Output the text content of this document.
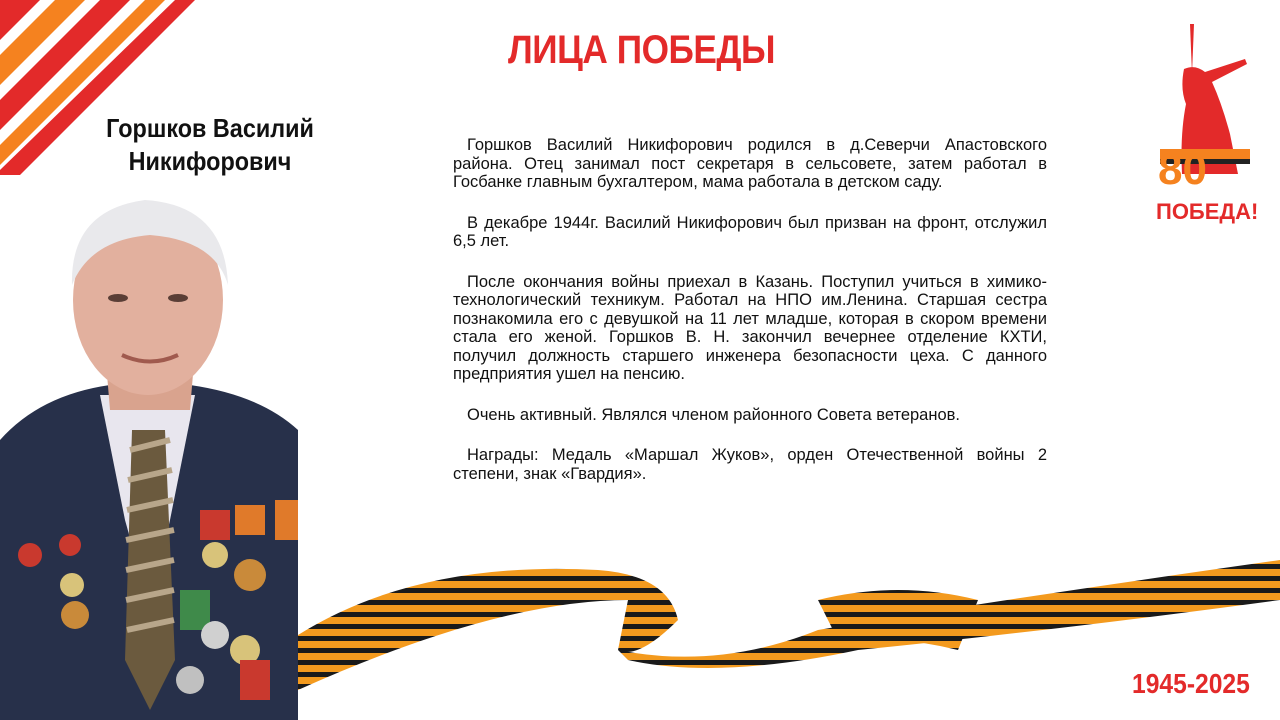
ЛИЦА ПОБЕДЫ
Горшков Василий
Никифорович

Горшков Василий Никифорович родился в д.Северчи Апастовского района. Отец занимал пост секретаря в сельсовете, затем работал в Госбанке главным бухгалтером, мама работала в детском саду.

В декабре 1944г. Василий Никифорович был призван на фронт, отслужил 6,5 лет.

После окончания войны приехал в Казань. Поступил учиться в химико-технологический техникум. Работал на НПО им.Ленина. Старшая сестра познакомила его с девушкой на 11 лет младше, которая в скором времени стала его женой. Горшков В. Н. закончил вечернее отделение КХТИ, получил должность старшего инженера безопасности цеха. С данного предприятия ушел на пенсию.

Очень активный. Являлся членом районного Совета ветеранов.

Награды: Медаль «Маршал Жуков», орден Отечественной войны 2 степени, знак «Гвардия».

80
ПОБЕДА!
1945-2025
